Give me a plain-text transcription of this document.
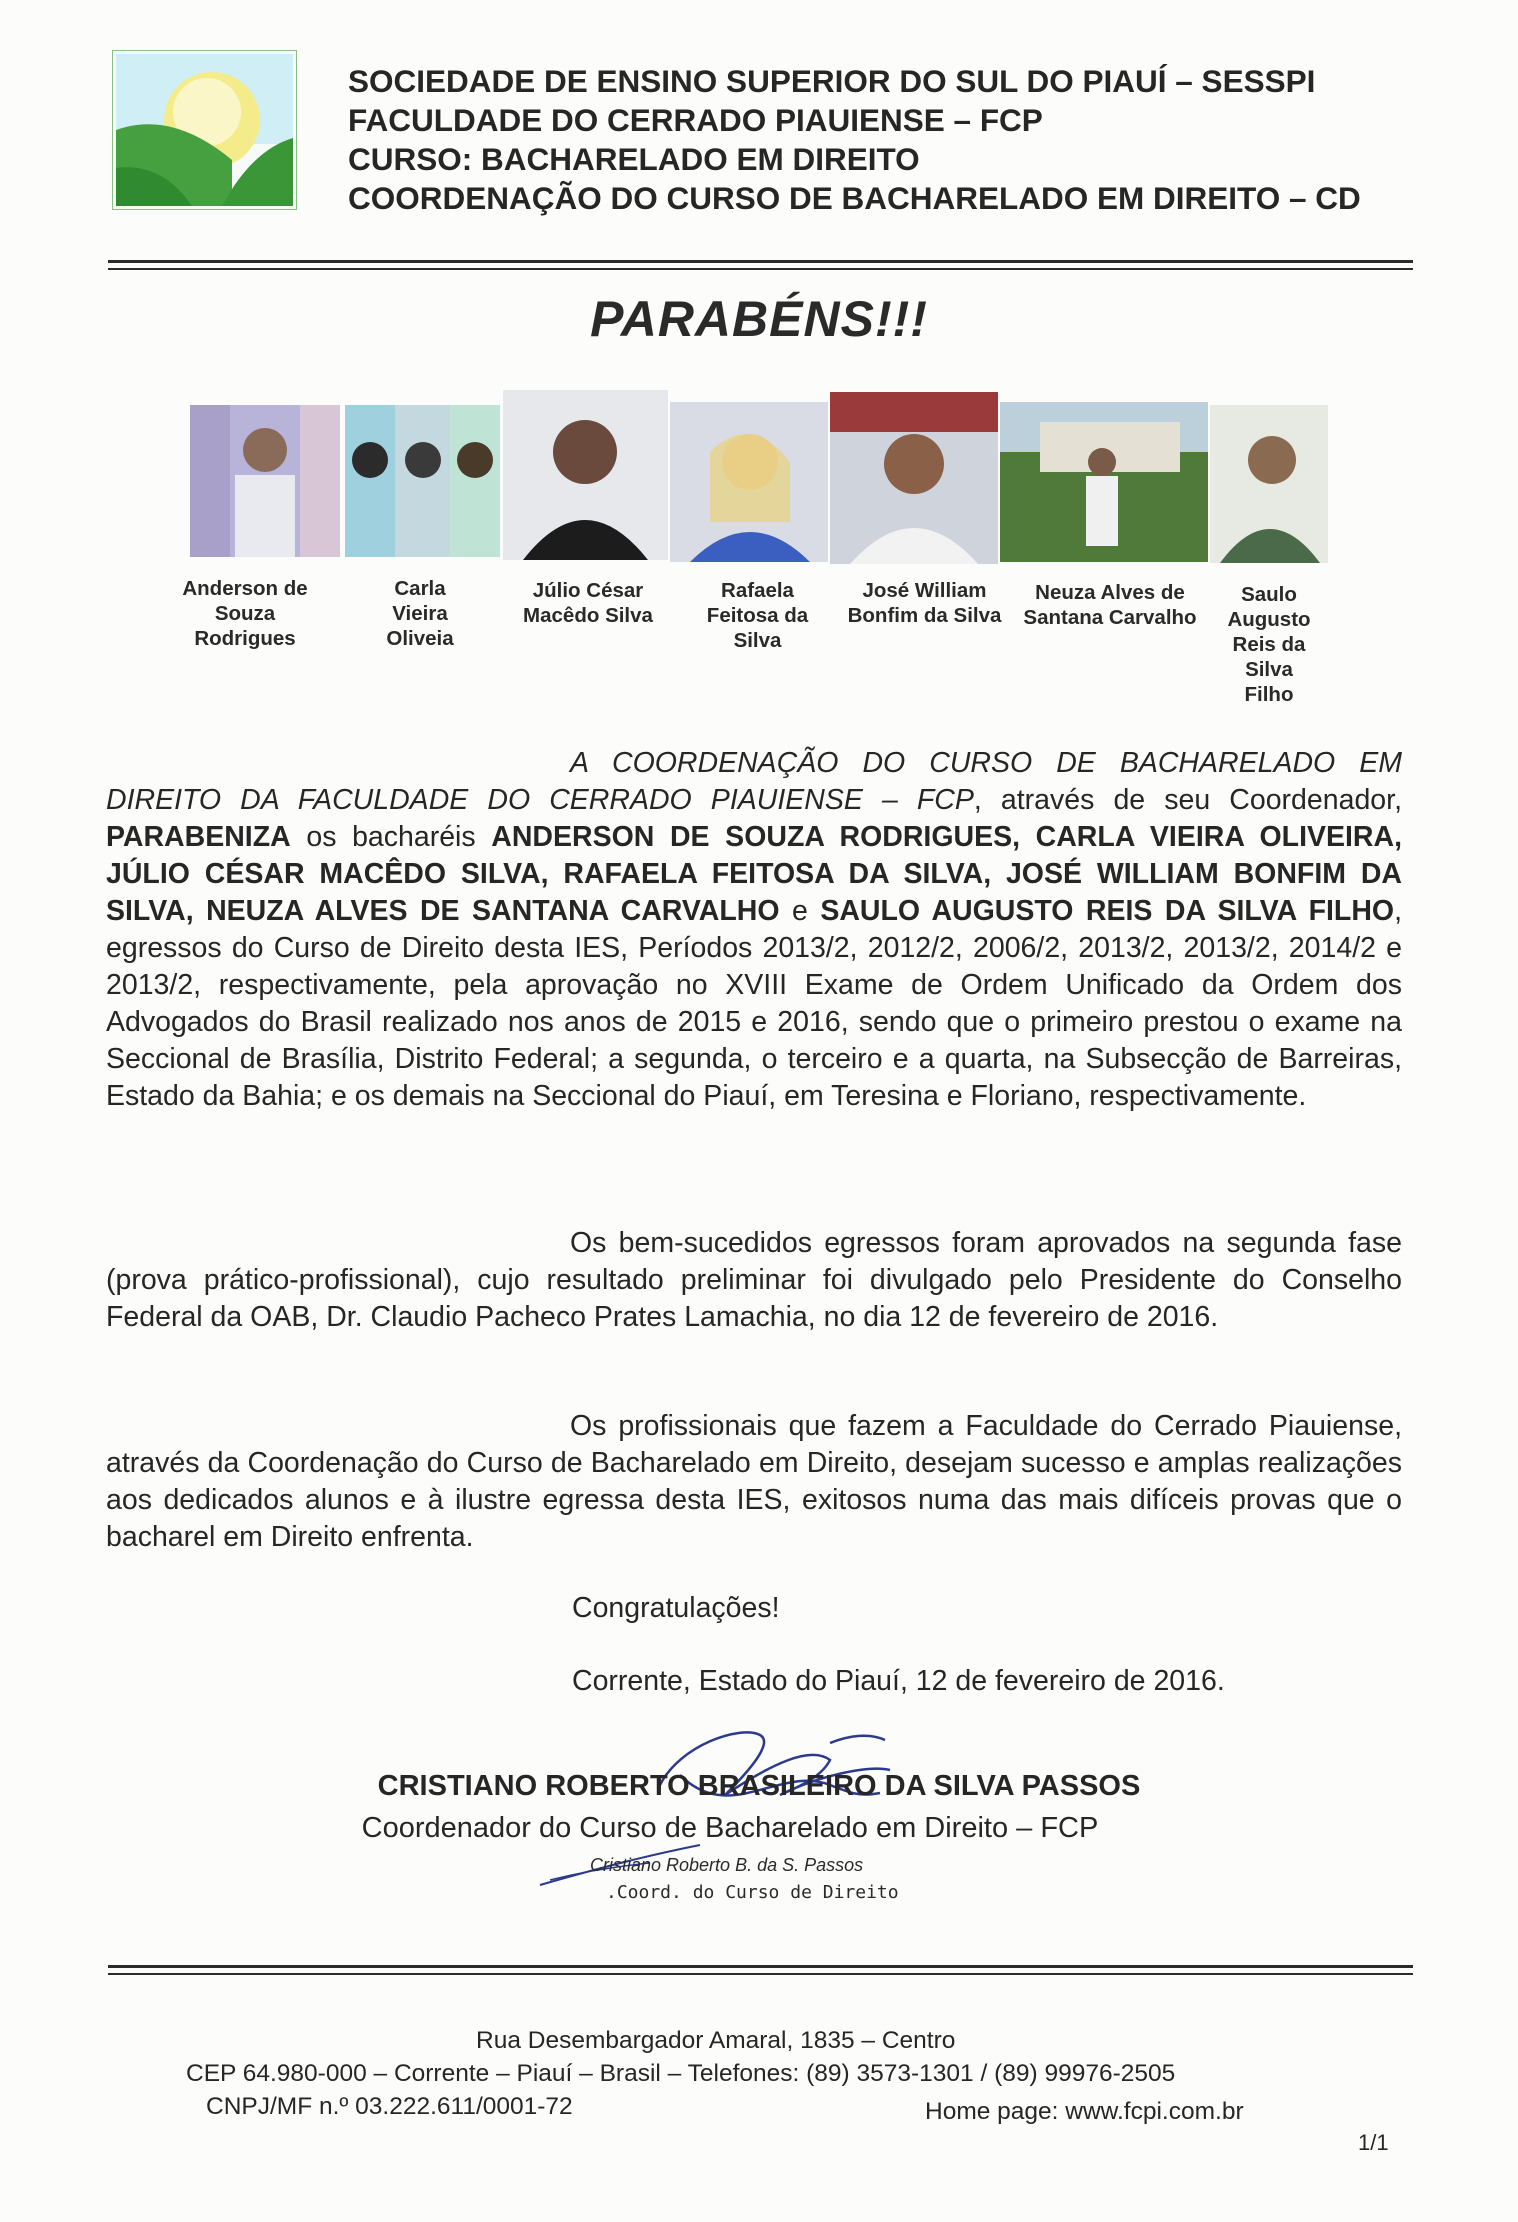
SOCIEDADE DE ENSINO SUPERIOR DO SUL DO PIAUÍ – SESSPI
FACULDADE DO CERRADO PIAUIENSE – FCP
CURSO: BACHARELADO EM DIREITO
COORDENAÇÃO DO CURSO DE BACHARELADO EM DIREITO – CD
PARABÉNS!!!
Anderson de Souza Rodrigues
Carla Vieira Oliveia
Júlio César Macêdo Silva
Rafaela Feitosa da Silva
José William Bonfim da Silva
Neuza Alves de Santana Carvalho
Saulo Augusto Reis da Silva Filho
A COORDENAÇÃO DO CURSO DE BACHARELADO EM DIREITO DA FACULDADE DO CERRADO PIAUIENSE – FCP, através de seu Coordenador, PARABENIZA os bacharéis ANDERSON DE SOUZA RODRIGUES, CARLA VIEIRA OLIVEIRA, JÚLIO CÉSAR MACÊDO SILVA, RAFAELA FEITOSA DA SILVA, JOSÉ WILLIAM BONFIM DA SILVA, NEUZA ALVES DE SANTANA CARVALHO e SAULO AUGUSTO REIS DA SILVA FILHO, egressos do Curso de Direito desta IES, Períodos 2013/2, 2012/2, 2006/2, 2013/2, 2013/2, 2014/2 e 2013/2, respectivamente, pela aprovação no XVIII Exame de Ordem Unificado da Ordem dos Advogados do Brasil realizado nos anos de 2015 e 2016, sendo que o primeiro prestou o exame na Seccional de Brasília, Distrito Federal; a segunda, o terceiro e a quarta, na Subsecção de Barreiras, Estado da Bahia; e os demais na Seccional do Piauí, em Teresina e Floriano, respectivamente.
Os bem-sucedidos egressos foram aprovados na segunda fase (prova prático-profissional), cujo resultado preliminar foi divulgado pelo Presidente do Conselho Federal da OAB, Dr. Claudio Pacheco Prates Lamachia, no dia 12 de fevereiro de 2016.
Os profissionais que fazem a Faculdade do Cerrado Piauiense, através da Coordenação do Curso de Bacharelado em Direito, desejam sucesso e amplas realizações aos dedicados alunos e à ilustre egressa desta IES, exitosos numa das mais difíceis provas que o bacharel em Direito enfrenta.
Congratulações!
Corrente, Estado do Piauí, 12 de fevereiro de 2016.
CRISTIANO ROBERTO BRASILEIRO DA SILVA PASSOS
Coordenador do Curso de Bacharelado em Direito – FCP
Cristiano Roberto B. da S. Passos
.Coord. do Curso de Direito
Rua Desembargador Amaral, 1835 – Centro
CEP 64.980-000 – Corrente – Piauí – Brasil – Telefones: (89) 3573-1301 / (89) 99976-2505
CNPJ/MF n.º 03.222.611/0001-72	Home page: www.fcpi.com.br
1/1
